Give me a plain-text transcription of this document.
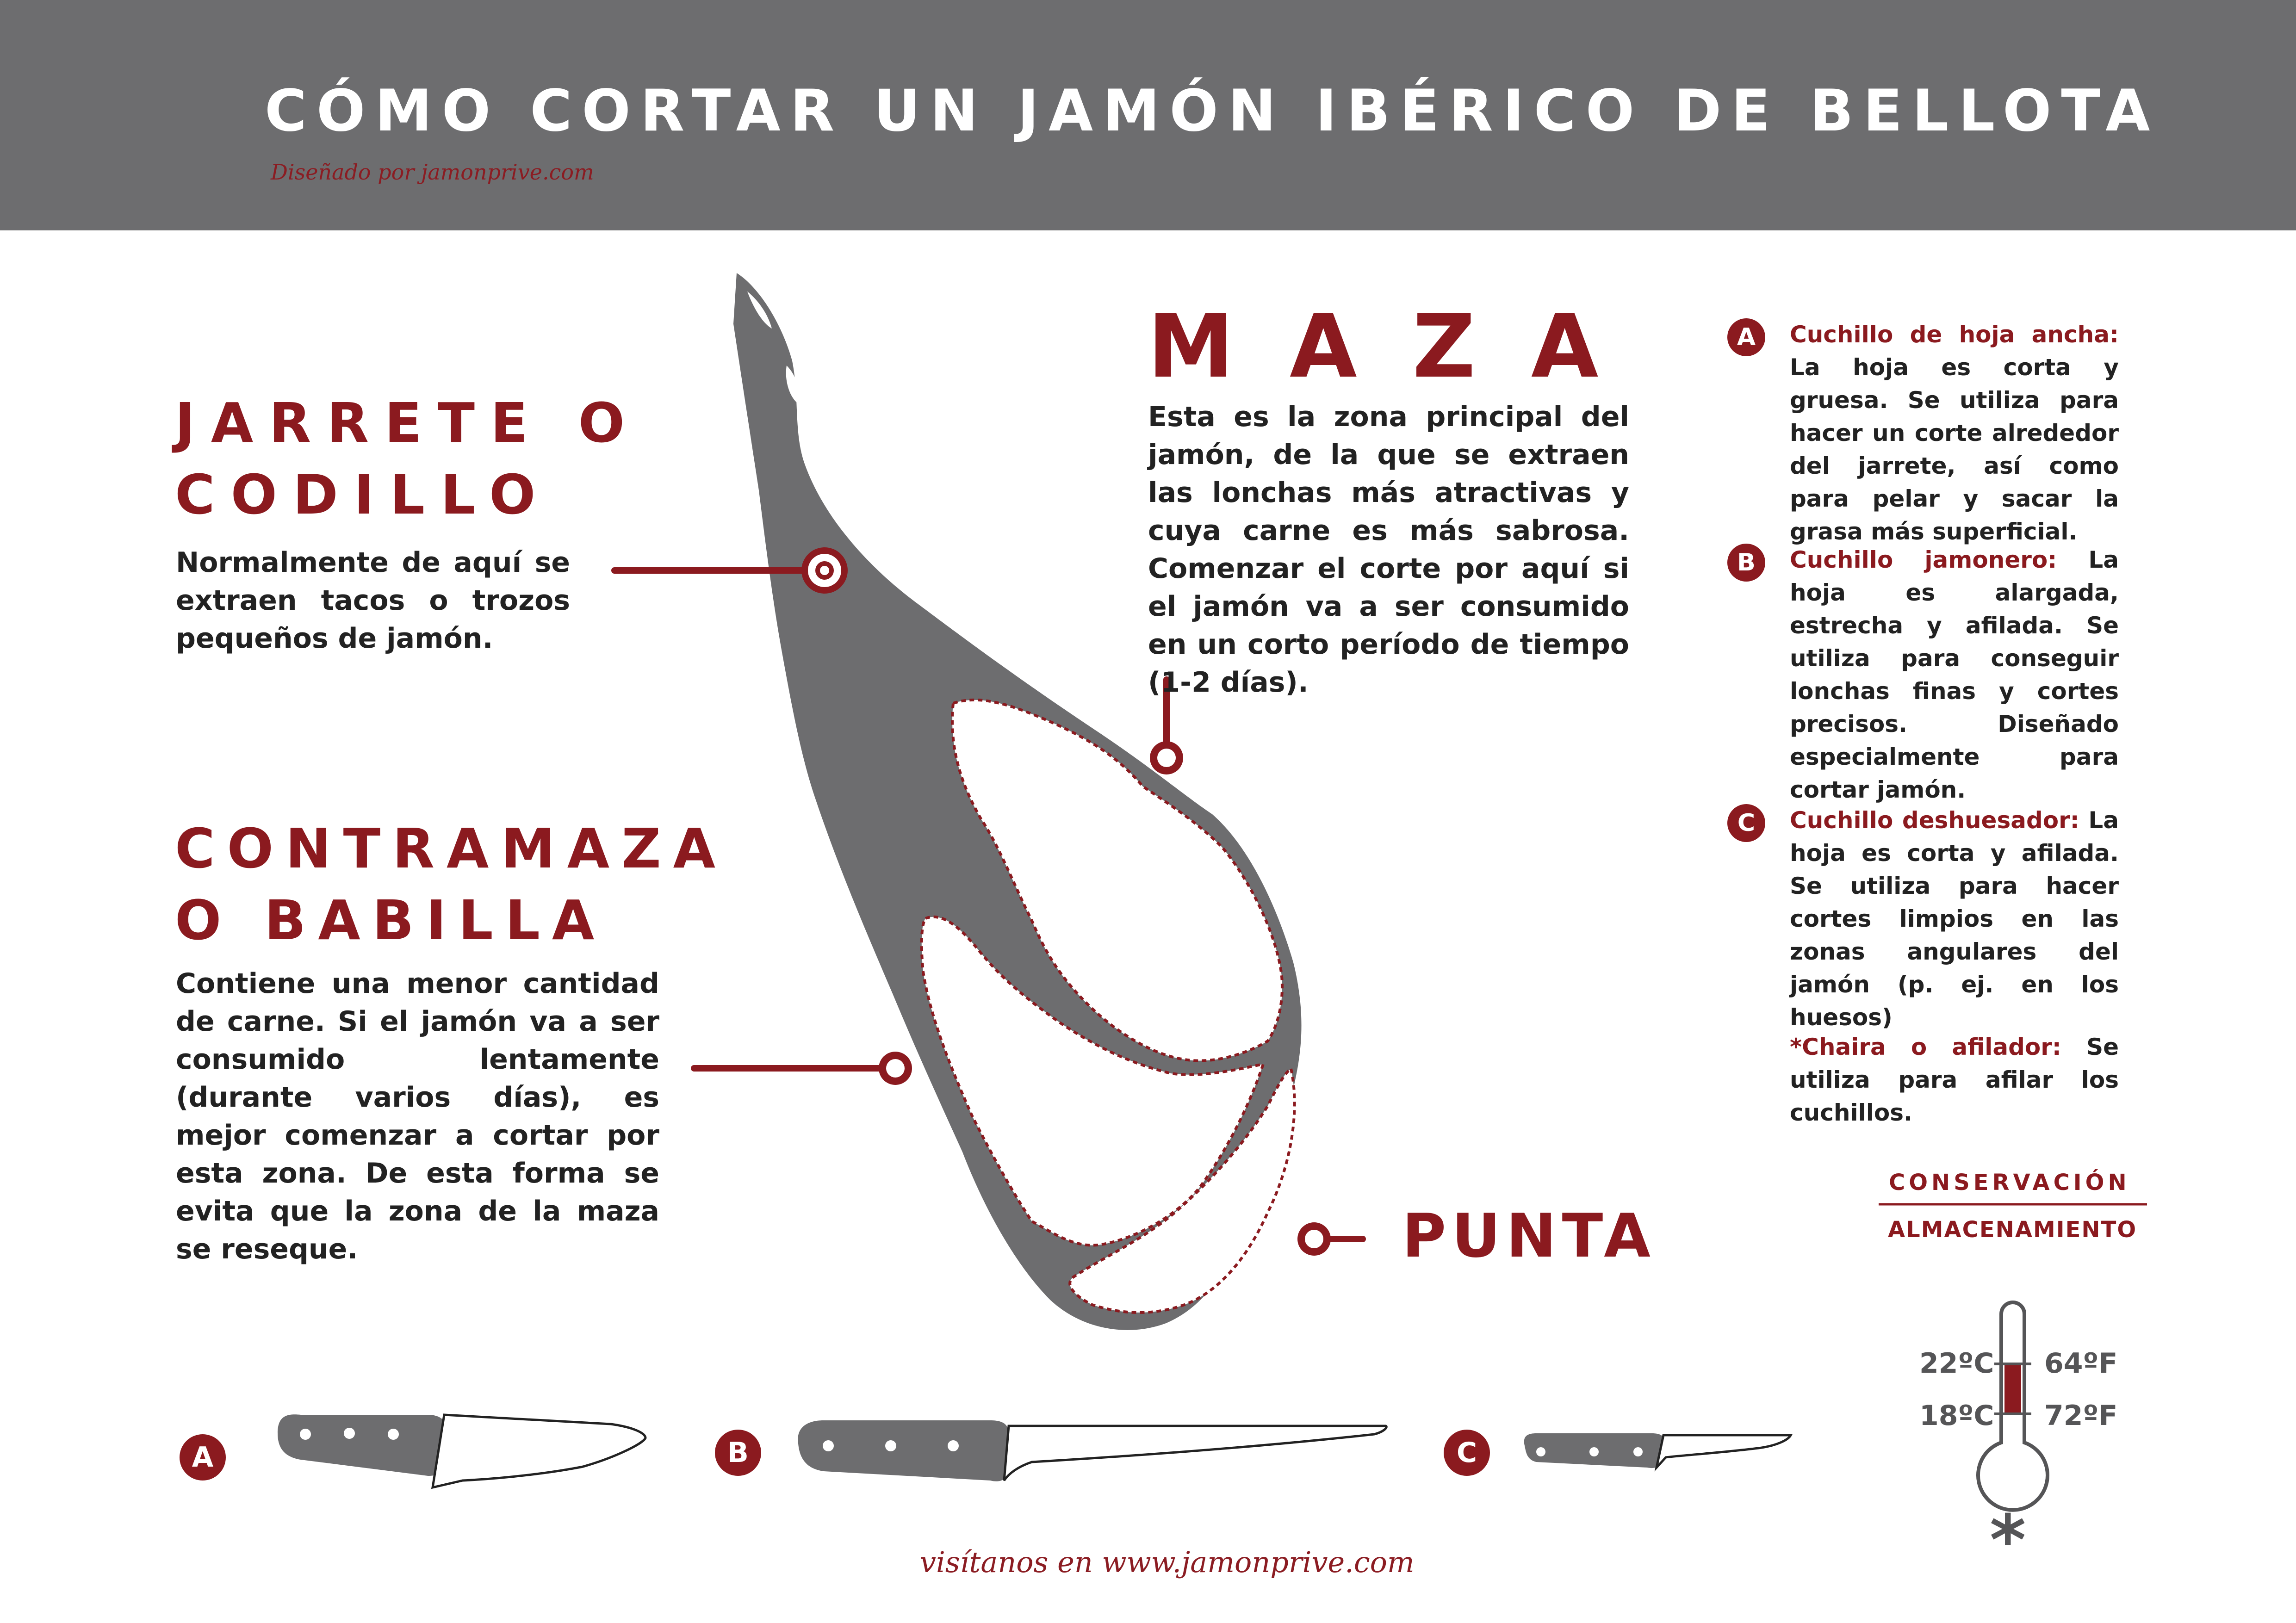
CÓMO CORTAR UN JAMÓN IBÉRICO DE BELLOTA
Diseñado por jamonprive.com
JARRETE O
CODILLO
Normalmente de aquí se extraen tacos o trozos pequeños de jamón.
CONTRAMAZA
O BABILLA
Contiene una menor cantidad de carne. Si el jamón va a ser consumido lentamente (durante varios días), es mejor comenzar a cortar por esta zona. De esta forma se evita que la zona de la maza se reseque.
MAZA
Esta es la zona principal del jamón, de la que se extraen las lonchas más atractivas y cuya carne es más sabrosa. Comenzar el corte por aquí si el jamón va a ser consumido en un corto período de tiempo (1-2 días).
PUNTA
A	Cuchillo de hoja ancha: La hoja es corta y gruesa. Se utiliza para hacer un corte alrededor del jarrete, así como para pelar y sacar la grasa más superficial.
B	Cuchillo jamonero: La hoja es alargada, estrecha y afilada. Se utiliza para conseguir lonchas finas y cortes precisos. Diseñado especialmente para cortar jamón.
C	Cuchillo deshuesador: La hoja es corta y afilada. Se utiliza para hacer cortes limpios en las zonas angulares del jamón (p. ej. en los huesos)
*Chaira o afilador: Se utiliza para afilar los cuchillos.
CONSERVACIÓN
ALMACENAMIENTO
22ºC 64ºF
18ºC 72ºF
*
A	B	C
visítanos en www.jamonprive.com
